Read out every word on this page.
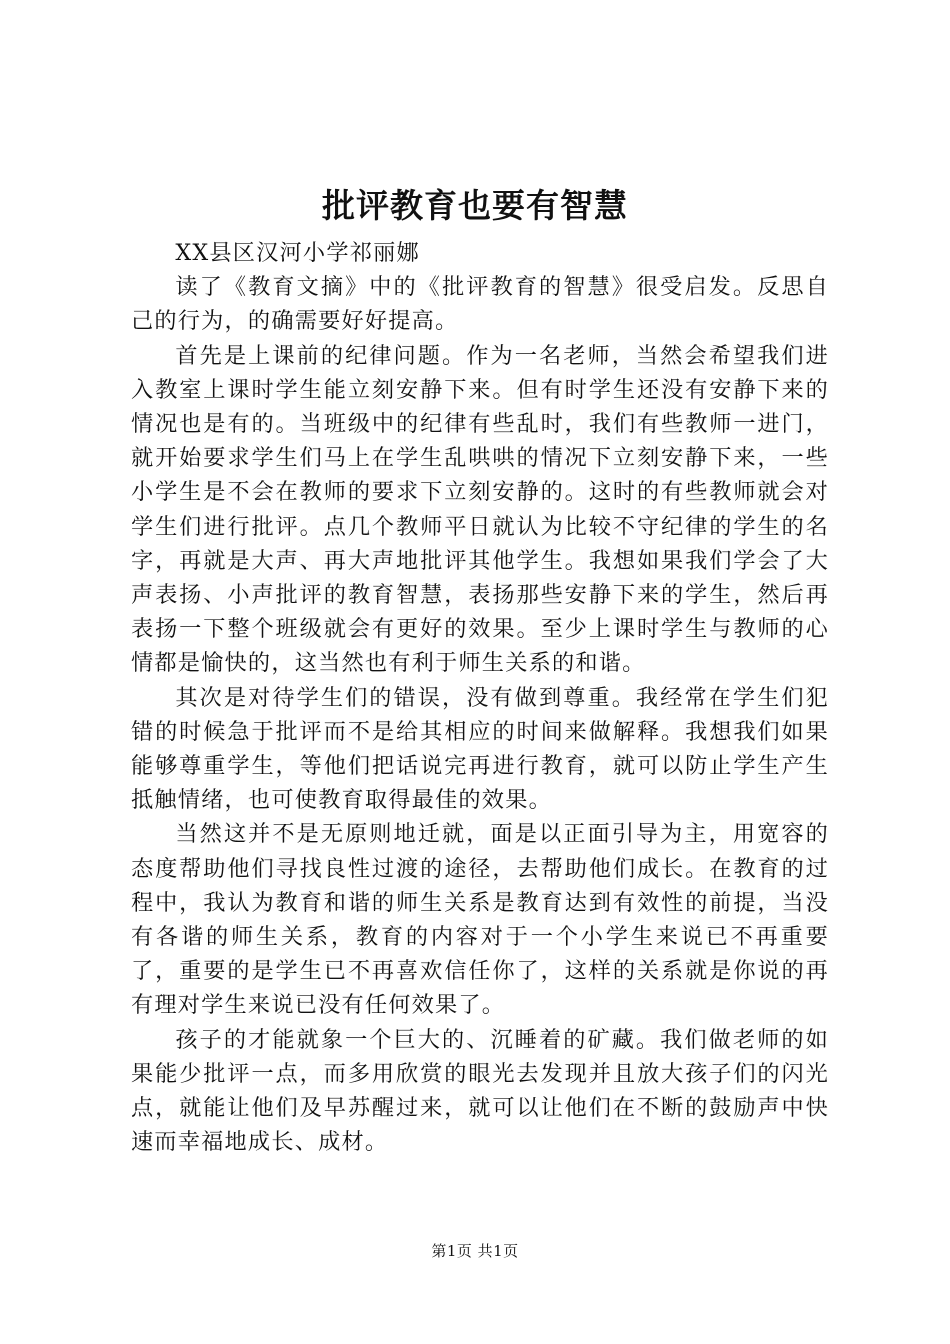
批评教育也要有智慧

XX县区汉河小学祁丽娜

读了《教育文摘》中的《批评教育的智慧》很受启发。反思自己的行为，的确需要好好提高。

首先是上课前的纪律问题。作为一名老师，当然会希望我们进入教室上课时学生能立刻安静下来。但有时学生还没有安静下来的情况也是有的。当班级中的纪律有些乱时，我们有些教师一进门，就开始要求学生们马上在学生乱哄哄的情况下立刻安静下来，一些小学生是不会在教师的要求下立刻安静的。这时的有些教师就会对学生们进行批评。点几个教师平日就认为比较不守纪律的学生的名字，再就是大声、再大声地批评其他学生。我想如果我们学会了大声表扬、小声批评的教育智慧，表扬那些安静下来的学生，然后再表扬一下整个班级就会有更好的效果。至少上课时学生与教师的心情都是愉快的，这当然也有利于师生关系的和谐。

其次是对待学生们的错误，没有做到尊重。我经常在学生们犯错的时候急于批评而不是给其相应的时间来做解释。我想我们如果能够尊重学生，等他们把话说完再进行教育，就可以防止学生产生抵触情绪，也可使教育取得最佳的效果。

当然这并不是无原则地迁就，面是以正面引导为主，用宽容的态度帮助他们寻找良性过渡的途径，去帮助他们成长。在教育的过程中，我认为教育和谐的师生关系是教育达到有效性的前提，当没有各谐的师生关系，教育的内容对于一个小学生来说已不再重要了，重要的是学生已不再喜欢信任你了，这样的关系就是你说的再有理对学生来说已没有任何效果了。

孩子的才能就象一个巨大的、沉睡着的矿藏。我们做老师的如果能少批评一点，而多用欣赏的眼光去发现并且放大孩子们的闪光点，就能让他们及早苏醒过来，就可以让他们在不断的鼓励声中快速而幸福地成长、成材。

第1页 共1页
